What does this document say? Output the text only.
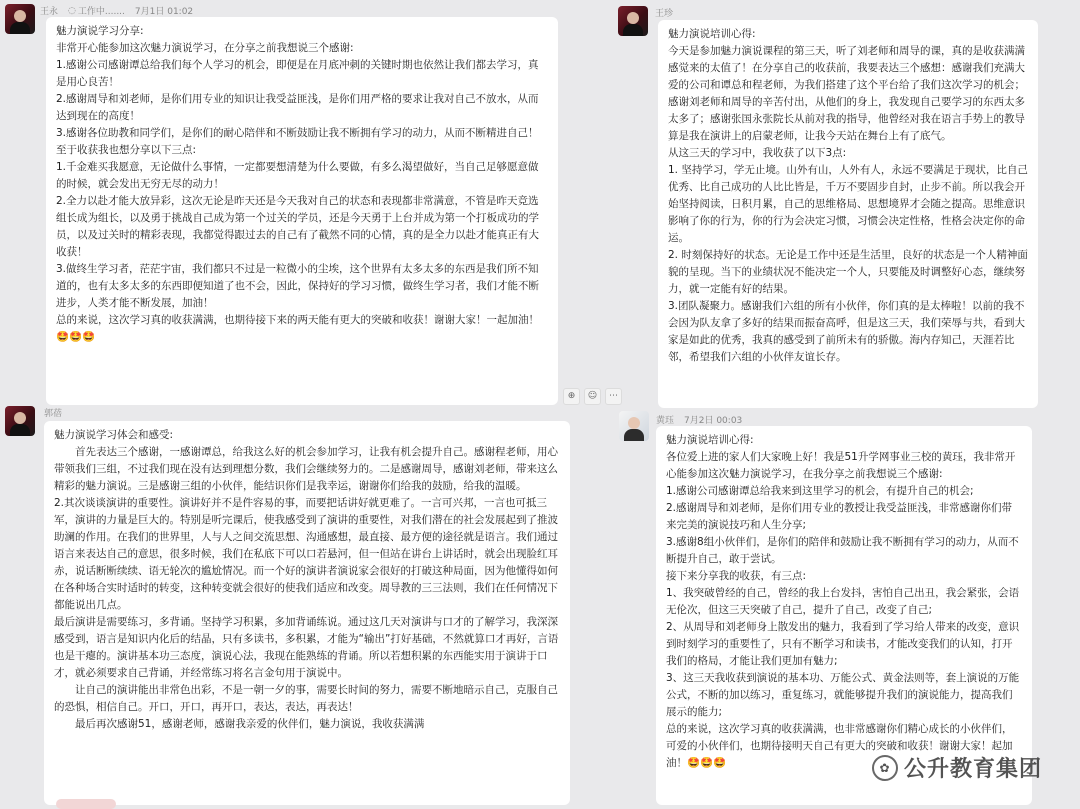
王永 ◌ 工作中....... 7月1日 01:02

魅力演说学习分享:

非常开心能参加这次魅力演说学习，在分享之前我想说三个感谢:

1.感谢公司感谢谭总给我们每个人学习的机会，即便是在月底冲刺的关键时期也依然让我们都去学习，真是用心良苦！

2.感谢周导和刘老师，是你们用专业的知识让我受益匪浅，是你们用严格的要求让我对自己不放水，从而达到现在的高度！

3.感谢各位助教和同学们，是你们的耐心陪伴和不断鼓励让我不断拥有学习的动力，从而不断精进自己！

至于收获我也想分享以下三点:

1.千金难买我愿意，无论做什么事情，一定都要想清楚为什么要做，有多么渴望做好，当自己足够愿意做的时候，就会发出无穷无尽的动力！

2.全力以赴才能大放异彩，这次无论是昨天还是今天我对自己的状态和表现都非常满意，不管是昨天竞选组长成为组长，以及勇于挑战自己成为第一个过关的学员，还是今天勇于上台并成为第一个打板成功的学员，以及过关时的精彩表现，我都觉得跟过去的自己有了截然不同的心情，真的是全力以赴才能真正有大收获！

3.做终生学习者，茫茫宇宙，我们都只不过是一粒微小的尘埃，这个世界有太多太多的东西是我们所不知道的，也有太多太多的东西即便知道了也不会，因此，保持好的学习习惯，做终生学习者，我们才能不断进步，人类才能不断发展，加油！

总的来说，这次学习真的收获满满，也期待接下来的两天能有更大的突破和收获！谢谢大家！一起加油！🤩🤩🤩

⊕	☺	⋯
王珍

魅力演说培训心得:

今天是参加魅力演说课程的第三天，听了刘老师和周导的课，真的是收获满满感觉来的太值了！在分享自己的收获前，我要表达三个感想：感谢我们充满大爱的公司和谭总和程老师，为我们搭建了这个平台给了我们这次学习的机会；感谢刘老师和周导的辛苦付出，从他们的身上，我发现自己要学习的东西太多太多了；感谢张国永张院长从前对我的指导，他曾经对我在语言手势上的教导算是我在演讲上的启蒙老师，让我今天站在舞台上有了底气。

从这三天的学习中，我收获了以下3点:

1. 坚持学习，学无止境。山外有山，人外有人，永远不要满足于现状，比自己优秀、比自己成功的人比比皆是，千万不要固步自封，止步不前。所以我会开始坚持阅读，日积月累，自己的思维格局、思想境界才会随之提高。思维意识影响了你的行为，你的行为会决定习惯，习惯会决定性格，性格会决定你的命运。

2. 时刻保持好的状态。无论是工作中还是生活里，良好的状态是一个人精神面貌的呈现。当下的业绩状况不能决定一个人，只要能及时调整好心态，继续努力，就一定能有好的结果。

3.团队凝聚力。感谢我们六组的所有小伙伴，你们真的是太棒啦！以前的我不会因为队友拿了多好的结果而振奋高呼，但是这三天，我们荣辱与共，看到大家是如此的优秀，我真的感受到了前所未有的骄傲。海内存知己，天涯若比邻，希望我们六组的小伙伴友谊长存。

郭蓓

魅力演说学习体会和感受:

首先表达三个感谢，一感谢谭总，给我这么好的机会参加学习，让我有机会提升自己。感谢程老师，用心带领我们三组，不过我们现在没有达到理想分数，我们会继续努力的。二是感谢周导，感谢刘老师，带来这么精彩的魅力演说。三是感谢三组的小伙伴，能结识你们是我幸运，谢谢你们给我的鼓励，给我的温暖。

2.其次谈谈演讲的重要性。演讲好并不是件容易的事，而要把话讲好就更难了。一言可兴邦，一言也可抵三军，演讲的力量是巨大的。特别是听完课后，使我感受到了演讲的重要性，对我们潜在的社会发展起到了推波助澜的作用。在我们的世界里，人与人之间交流思想、沟通感想，最直接、最方便的途径就是语言。我们通过语言来表达自己的意思，很多时候，我们在私底下可以口若悬河，但一但站在讲台上讲话时，就会出现脸红耳赤，说话断断续续、语无轮次的尴尬情况。而一个好的演讲者演说家会很好的打破这种局面，因为他懂得如何在各种场合实时适时的转变，这种转变就会很好的使我们适应和改变。周导教的三三法则，我们在任何情况下都能说出几点。

最后演讲是需要练习，多背诵。坚持学习积累，多加背诵练说。通过这几天对演讲与口才的了解学习，我深深感受到，语言是知识内化后的结晶，只有多读书，多积累，才能为“输出”打好基础，不然就算口才再好，言语也是干瘪的。演讲基本功三态度，演说心法，我现在能熟练的背诵。所以若想积累的东西能实用于演讲于口才，就必须要求自己背诵，并经常练习将名言金句用于演说中。

让自己的演讲能出非常色出彩，不是一朝一夕的事，需要长时间的努力，需要不断地暗示自己，克服自己的恐惧，相信自己。开口，开口，再开口，表达，表达，再表达！

最后再次感谢51，感谢老师，感谢我亲爱的伙伴们，魅力演说，我收获满满

黄珏 7月2日 00:03

魅力演说培训心得:

各位爱上进的家人们大家晚上好！我是51升学网事业三校的黄珏，我非常开心能参加这次魅力演说学习，在我分享之前我想说三个感谢:

1.感谢公司感谢谭总给我来到这里学习的机会，有提升自己的机会;

2.感谢周导和刘老师，是你们用专业的教授让我受益匪浅，非常感谢你们带来完美的演说技巧和人生分享;

3.感谢8组小伙伴们，是你们的陪伴和鼓励让我不断拥有学习的动力，从而不断提升自己，敢于尝试。

接下来分享我的收获，有三点:

1、我突破曾经的自己，曾经的我上台发抖，害怕自己出丑，我会紧张，会语无伦次，但这三天突破了自己，提升了自己，改变了自己;

2、从周导和刘老师身上散发出的魅力，我看到了学习给人带来的改变，意识到时刻学习的重要性了，只有不断学习和读书，才能改变我们的认知，打开我们的格局，才能让我们更加有魅力;

3、这三天我收获到演说的基本功、万能公式、黄金法则等，套上演说的万能公式，不断的加以练习，重复练习，就能够提升我们的演说能力，提高我们展示的能力;

总的来说，这次学习真的收获满满，也非常感谢你们精心成长的小伙伴们，可爱的小伙伴们，也期待接明天自己有更大的突破和收获！谢谢大家！起加油！🤩🤩🤩	✿ 公升教育集团
